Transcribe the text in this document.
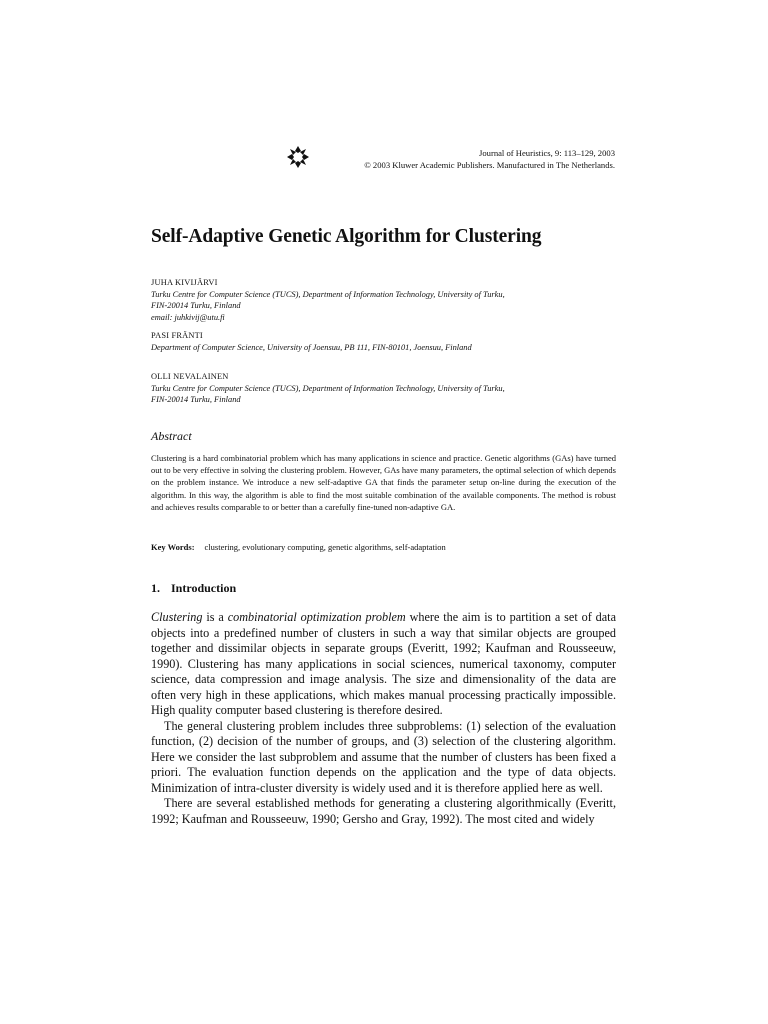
Journal of Heuristics, 9: 113–129, 2003
© 2003 Kluwer Academic Publishers. Manufactured in The Netherlands.
Self-Adaptive Genetic Algorithm for Clustering
JUHA KIVIJÄRVI
Turku Centre for Computer Science (TUCS), Department of Information Technology, University of Turku,
FIN-20014 Turku, Finland
email: juhkivij@utu.fi
PASI FRÄNTI
Department of Computer Science, University of Joensuu, PB 111, FIN-80101, Joensuu, Finland
OLLI NEVALAINEN
Turku Centre for Computer Science (TUCS), Department of Information Technology, University of Turku,
FIN-20014 Turku, Finland
Abstract

Clustering is a hard combinatorial problem which has many applications in science and practice. Genetic algorithms (GAs) have turned out to be very effective in solving the clustering problem. However, GAs have many parameters, the optimal selection of which depends on the problem instance. We introduce a new self-adaptive GA that finds the parameter setup on-line during the execution of the algorithm. In this way, the algorithm is able to find the most suitable combination of the available components. The method is robust and achieves results comparable to or better than a carefully fine-tuned non-adaptive GA.

Key Words: clustering, evolutionary computing, genetic algorithms, self-adaptation
1. Introduction

Clustering is a combinatorial optimization problem where the aim is to partition a set of data objects into a predefined number of clusters in such a way that similar objects are grouped together and dissimilar objects in separate groups (Everitt, 1992; Kaufman and Rousseeuw, 1990). Clustering has many applications in social sciences, numerical taxonomy, computer science, data compression and image analysis. The size and dimensionality of the data are often very high in these applications, which makes manual processing practically impossible. High quality computer based clustering is therefore desired.

The general clustering problem includes three subproblems: (1) selection of the evaluation function, (2) decision of the number of groups, and (3) selection of the clustering algorithm. Here we consider the last subproblem and assume that the number of clusters has been fixed a priori. The evaluation function depends on the application and the type of data objects. Minimization of intra-cluster diversity is widely used and it is therefore applied here as well.

There are several established methods for generating a clustering algorithmically (Everitt, 1992; Kaufman and Rousseeuw, 1990; Gersho and Gray, 1992). The most cited and widely
